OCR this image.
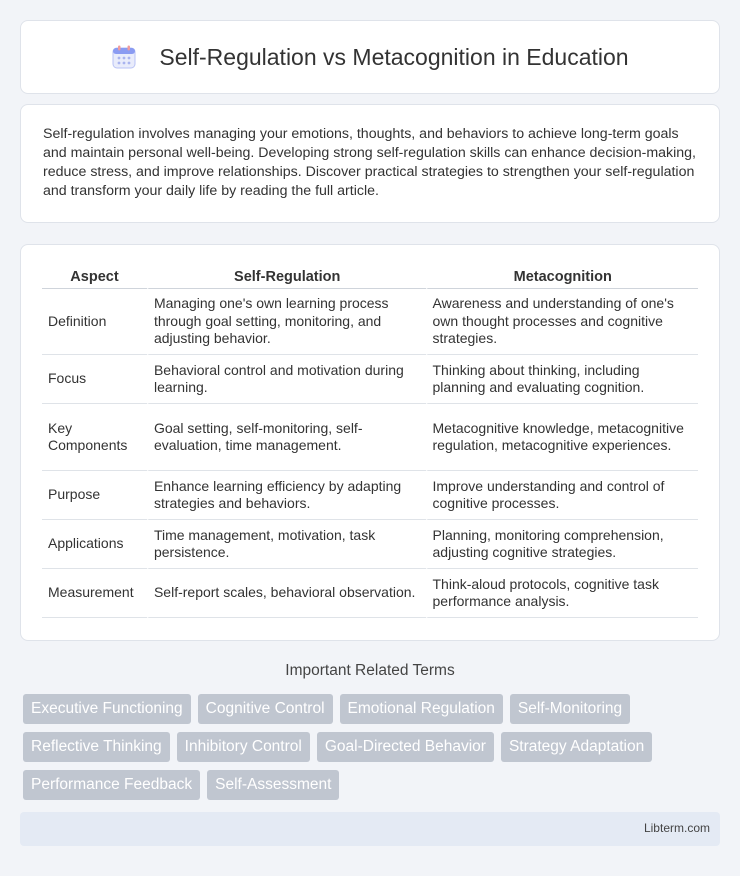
Self-Regulation vs Metacognition in Education

Self-regulation involves managing your emotions, thoughts, and behaviors to achieve long-term goals and maintain personal well-being. Developing strong self-regulation skills can enhance decision-making, reduce stress, and improve relationships. Discover practical strategies to strengthen your self-regulation and transform your daily life by reading the full article.

Aspect	Self-Regulation	Metacognition
Definition	Managing one's own learning process through goal setting, monitoring, and adjusting behavior.	Awareness and understanding of one's own thought processes and cognitive strategies.
Focus	Behavioral control and motivation during learning.	Thinking about thinking, including planning and evaluating cognition.
Key Components	Goal setting, self-monitoring, self-evaluation, time management.	Metacognitive knowledge, metacognitive regulation, metacognitive experiences.
Purpose	Enhance learning efficiency by adapting strategies and behaviors.	Improve understanding and control of cognitive processes.
Applications	Time management, motivation, task persistence.	Planning, monitoring comprehension, adjusting cognitive strategies.
Measurement	Self-report scales, behavioral observation.	Think-aloud protocols, cognitive task performance analysis.
Important Related Terms
Executive Functioning	Cognitive Control	Emotional Regulation	Self-Monitoring
Reflective Thinking	Inhibitory Control	Goal-Directed Behavior	Strategy Adaptation
Performance Feedback	Self-Assessment
Libterm.com
